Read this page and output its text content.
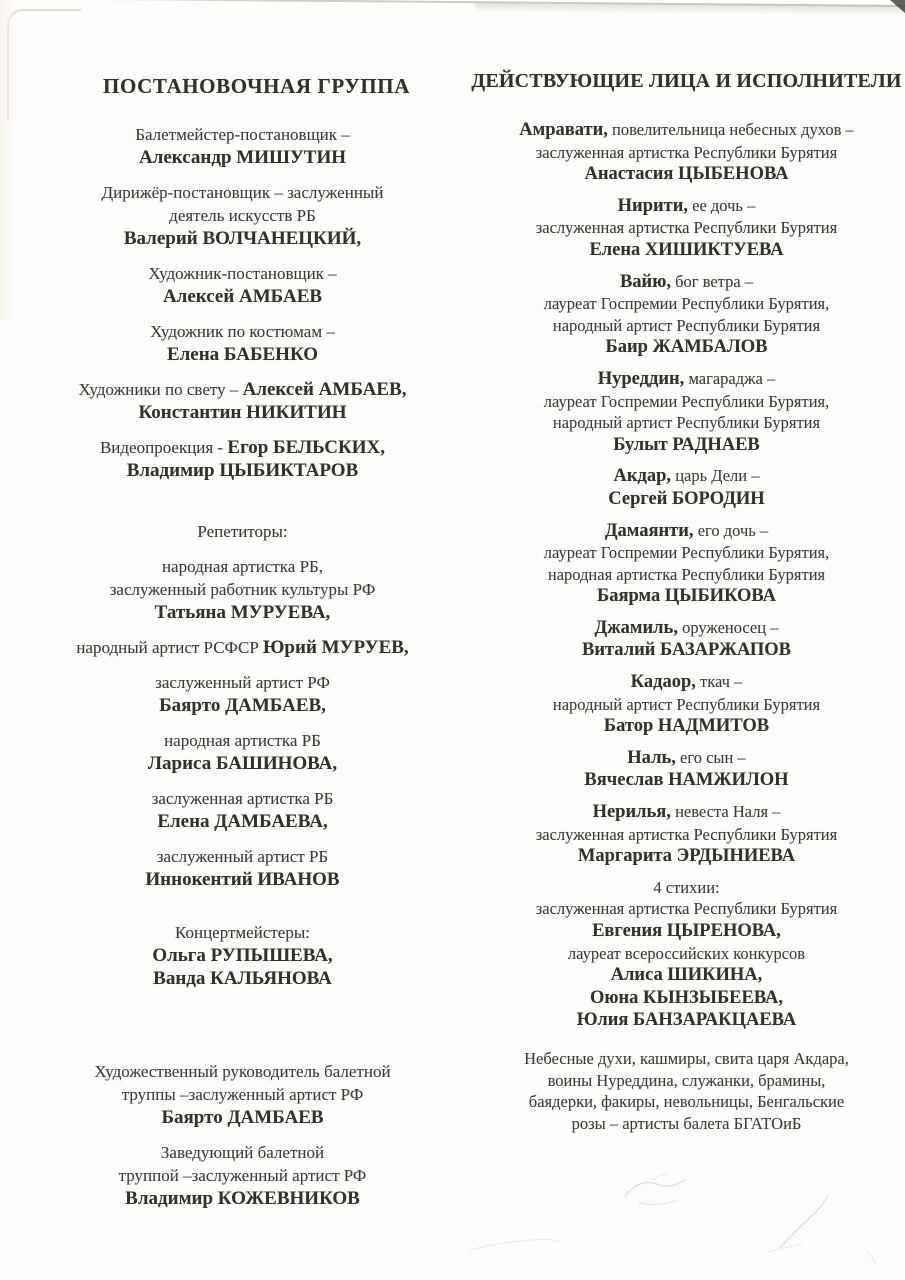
ПОСТАНОВОЧНАЯ ГРУППА
Балетмейстер-постановщик –
Александр МИШУТИН
Дирижёр-постановщик – заслуженный
деятель искусств РБ
Валерий ВОЛЧАНЕЦКИЙ,
Художник-постановщик –
Алексей АМБАЕВ
Художник по костюмам –
Елена БАБЕНКО
Художники по свету – Алексей АМБАЕВ,
Константин НИКИТИН
Видеопроекция - Егор БЕЛЬСКИХ,
Владимир ЦЫБИКТАРОВ
Репетиторы:
народная артистка РБ,
заслуженный работник культуры РФ
Татьяна МУРУЕВА,
народный артист РСФСР Юрий МУРУЕВ,
заслуженный артист РФ
Баярто ДАМБАЕВ,
народная артистка РБ
Лариса БАШИНОВА,
заслуженная артистка РБ
Елена ДАМБАЕВА,
заслуженный артист РБ
Иннокентий ИВАНОВ
Концертмейстеры:
Ольга РУПЫШЕВА,
Ванда КАЛЬЯНОВА
Художественный руководитель балетной
труппы –заслуженный артист РФ
Баярто ДАМБАЕВ
Заведующий балетной
труппой –заслуженный артист РФ
Владимир КОЖЕВНИКОВ
ДЕЙСТВУЮЩИЕ ЛИЦА И ИСПОЛНИТЕЛИ
Амравати, повелительница небесных духов –
заслуженная артистка Республики Бурятия
Анастасия ЦЫБЕНОВА
Нирити, ее дочь –
заслуженная артистка Республики Бурятия
Елена ХИШИКТУЕВА
Вайю, бог ветра –
лауреат Госпремии Республики Бурятия,
народный артист Республики Бурятия
Баир ЖАМБАЛОВ
Нуреддин, магараджа –
лауреат Госпремии Республики Бурятия,
народный артист Республики Бурятия
Булыт РАДНАЕВ
Акдар, царь Дели –
Сергей БОРОДИН
Дамаянти, его дочь –
лауреат Госпремии Республики Бурятия,
народная артистка Республики Бурятия
Баярма ЦЫБИКОВА
Джамиль, оруженосец –
Виталий БАЗАРЖАПОВ
Кадаор, ткач –
народный артист Республики Бурятия
Батор НАДМИТОВ
Наль, его сын –
Вячеслав НАМЖИЛОН
Нерилья, невеста Наля –
заслуженная артистка Республики Бурятия
Маргарита ЭРДЫНИЕВА
4 стихии:
заслуженная артистка Республики Бурятия
Евгения ЦЫРЕНОВА,
лауреат всероссийских конкурсов
Алиса ШИКИНА,
Оюна КЫНЗЫБЕЕВА,
Юлия БАНЗАРАКЦАЕВА
Небесные духи, кашмиры, свита царя Акдара,
воины Нуреддина, служанки, брамины,
баядерки, факиры, невольницы, Бенгальские
розы – артисты балета БГАТОиБ
